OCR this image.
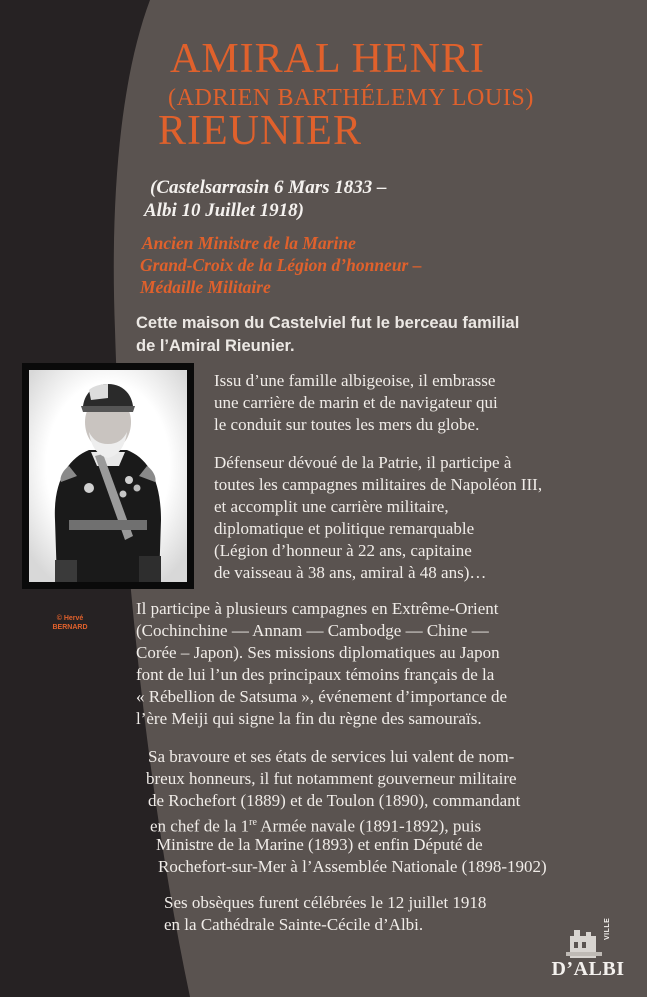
AMIRAL HENRI
(ADRIEN BARTHÉLEMY LOUIS)
RIEUNIER
(Castelsarrasin 6 Mars 1833 –
Albi 10 Juillet 1918)
Ancien Ministre de la Marine
Grand-Croix de la Légion d’honneur –
Médaille Militaire
Cette maison du Castelviel fut le berceau familial
de l’Amiral Rieunier.
© Hervé
BERNARD
Issu d’une famille albigeoise, il embrasse
une carrière de marin et de navigateur qui
le conduit sur toutes les mers du globe.
Défenseur dévoué de la Patrie, il participe à
toutes les campagnes militaires de Napoléon III,
et accomplit une carrière militaire,
diplomatique et politique remarquable
(Légion d’honneur à 22 ans, capitaine
de vaisseau à 38 ans, amiral à 48 ans)…
Il participe à plusieurs campagnes en Extrême-Orient
(Cochinchine — Annam — Cambodge — Chine —
Corée – Japon). Ses missions diplomatiques au Japon
font de lui l’un des principaux témoins français de la
« Rébellion de Satsuma », événement d’importance de
l’ère Meiji qui signe la fin du règne des samouraïs.
Sa bravoure et ses états de services lui valent de nom-
breux honneurs, il fut notamment gouverneur militaire
de Rochefort (1889) et de Toulon (1890), commandant
en chef de la 1re Armée navale (1891-1892), puis
Ministre de la Marine (1893) et enfin Député de
Rochefort-sur-Mer à l’Assemblée Nationale (1898-1902)
Ses obsèques furent célébrées le 12 juillet 1918
en la Cathédrale Sainte-Cécile d’Albi.
D’ALBI
VILLE
